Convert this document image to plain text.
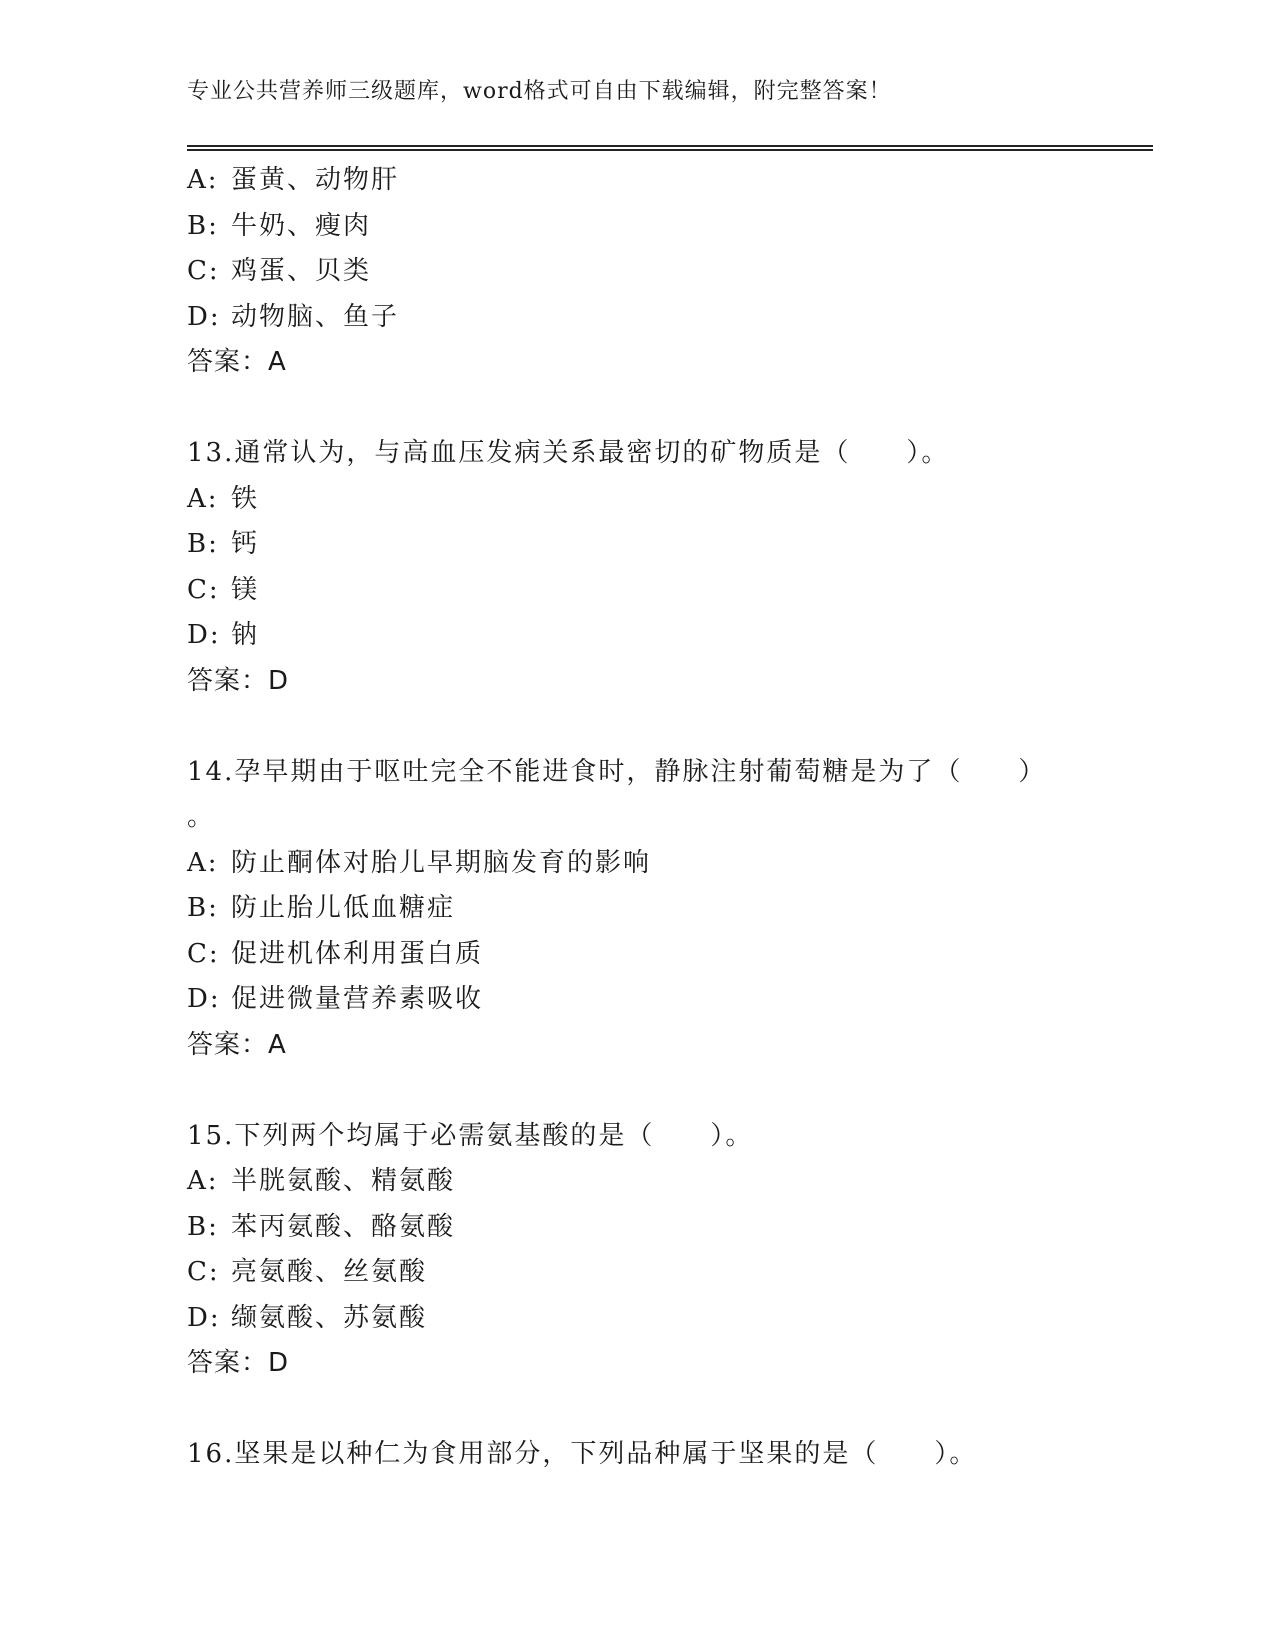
专业公共营养师三级题库，word格式可自由下载编辑，附完整答案！
A: 蛋黄、动物肝
B: 牛奶、瘦肉
C: 鸡蛋、贝类
D: 动物脑、鱼子
答案：A
13.通常认为，与高血压发病关系最密切的矿物质是（　　）。
A: 铁
B: 钙
C: 镁
D: 钠
答案：D
14.孕早期由于呕吐完全不能进食时，静脉注射葡萄糖是为了（　　）
。
A: 防止酮体对胎儿早期脑发育的影响
B: 防止胎儿低血糖症
C: 促进机体利用蛋白质
D: 促进微量营养素吸收
答案：A
15.下列两个均属于必需氨基酸的是（　　）。
A: 半胱氨酸、精氨酸
B: 苯丙氨酸、酪氨酸
C: 亮氨酸、丝氨酸
D: 缬氨酸、苏氨酸
答案：D
16.坚果是以种仁为食用部分，下列品种属于坚果的是（　　）。
